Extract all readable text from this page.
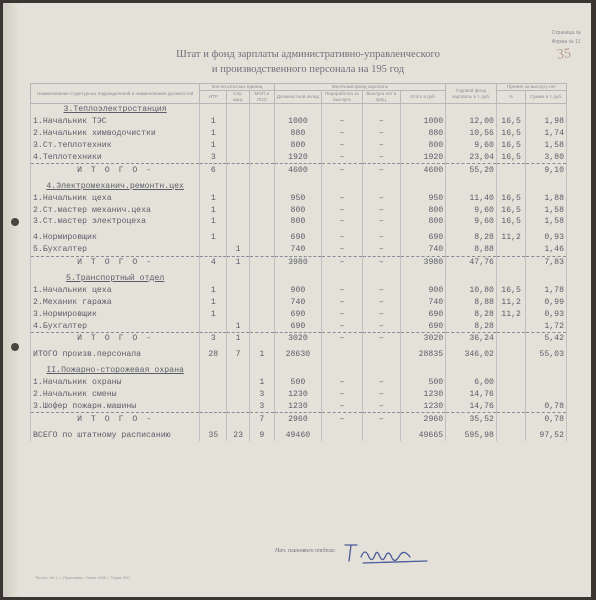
Страница №
Форма № 11
35
Штат и фонд зарплаты административно-управленческого
и производственного персонала на 195 год
Наименование структурных подразделений и наименование должностей	Кол-во штатных единиц			Месячный фонд зарплаты				Годовой фонд зарплаты в т. руб.	Премия за выслугу лет	
	ИТР	Слу-жащ.	МОП и ПСО	Должностной оклад	Переработка за выслуги	Выслуга лет в проц.	Итого в руб.		%	Сумма в т. руб.
3.Теплоэлектростанция										
1.Начальник ТЭС	1			1000	–	–	1000	12,00	16,5	1,98
2.Начальник химводочистки	1			880	–	–	880	10,56	16,5	1,74
3.Ст.теплотехник	1			800	–	–	800	9,60	16,5	1,58
4.Теплотехники	3			1920	–	–	1920	23,04	16,5	3,80
И Т О Г О -	6			4600	–	–	4600	55,20		9,10

4.Электромеханич.ремонтн.цех										
1.Начальник цеха	1			950	–	–	950	11,40	16,5	1,88
2.Ст.мастер механич.цеха	1			800	–	–	800	9,60	16,5	1,58
3.Ст.мастер электроцеха	1			800	–	–	800	9,60	16,5	1,58

4.Нормировщик	1			690	–	–	690	8,28	11,2	0,93
5.Бухгалтер		1		740	–	–	740	8,88		1,46
И Т О Г О -	4	1		3980	–	–	3980	47,76		7,83

5.Транспортный отдел										
1.Начальник цеха	1			900	–	–	900	10,80	16,5	1,78
2.Механик гаража	1			740	–	–	740	8,88	11,2	0,99
3.Нормировщик	1			690	–	–	690	8,28	11,2	0,93
4.Бухгалтер		1		690	–	–	690	8,28		1,72
И Т О Г О -	3	1		3020	–	–	3020	36,24		5,42

ИТОГО произв.персонала	28	7	1	28630			28835	346,02		55,03

II.Пожарно-сторожевая охрана										
1.Начальник охраны			1	500	–	–	500	6,00		
2.Начальник смены			3	1230	–	–	1230	14,76		
3.Шофер пожарн.машины			3	1230	–	–	1230	14,76		0,78
И Т О Г О -			7	2960	–	–	2960	35,52		0,78

ВСЕГО по штатному расписанию	35	23	9	49460			49665	595,98		97,52
Нач. планового отдела:
Типогр. № 1, г. Ярославль. Заказ 1955 г. Тираж 300
